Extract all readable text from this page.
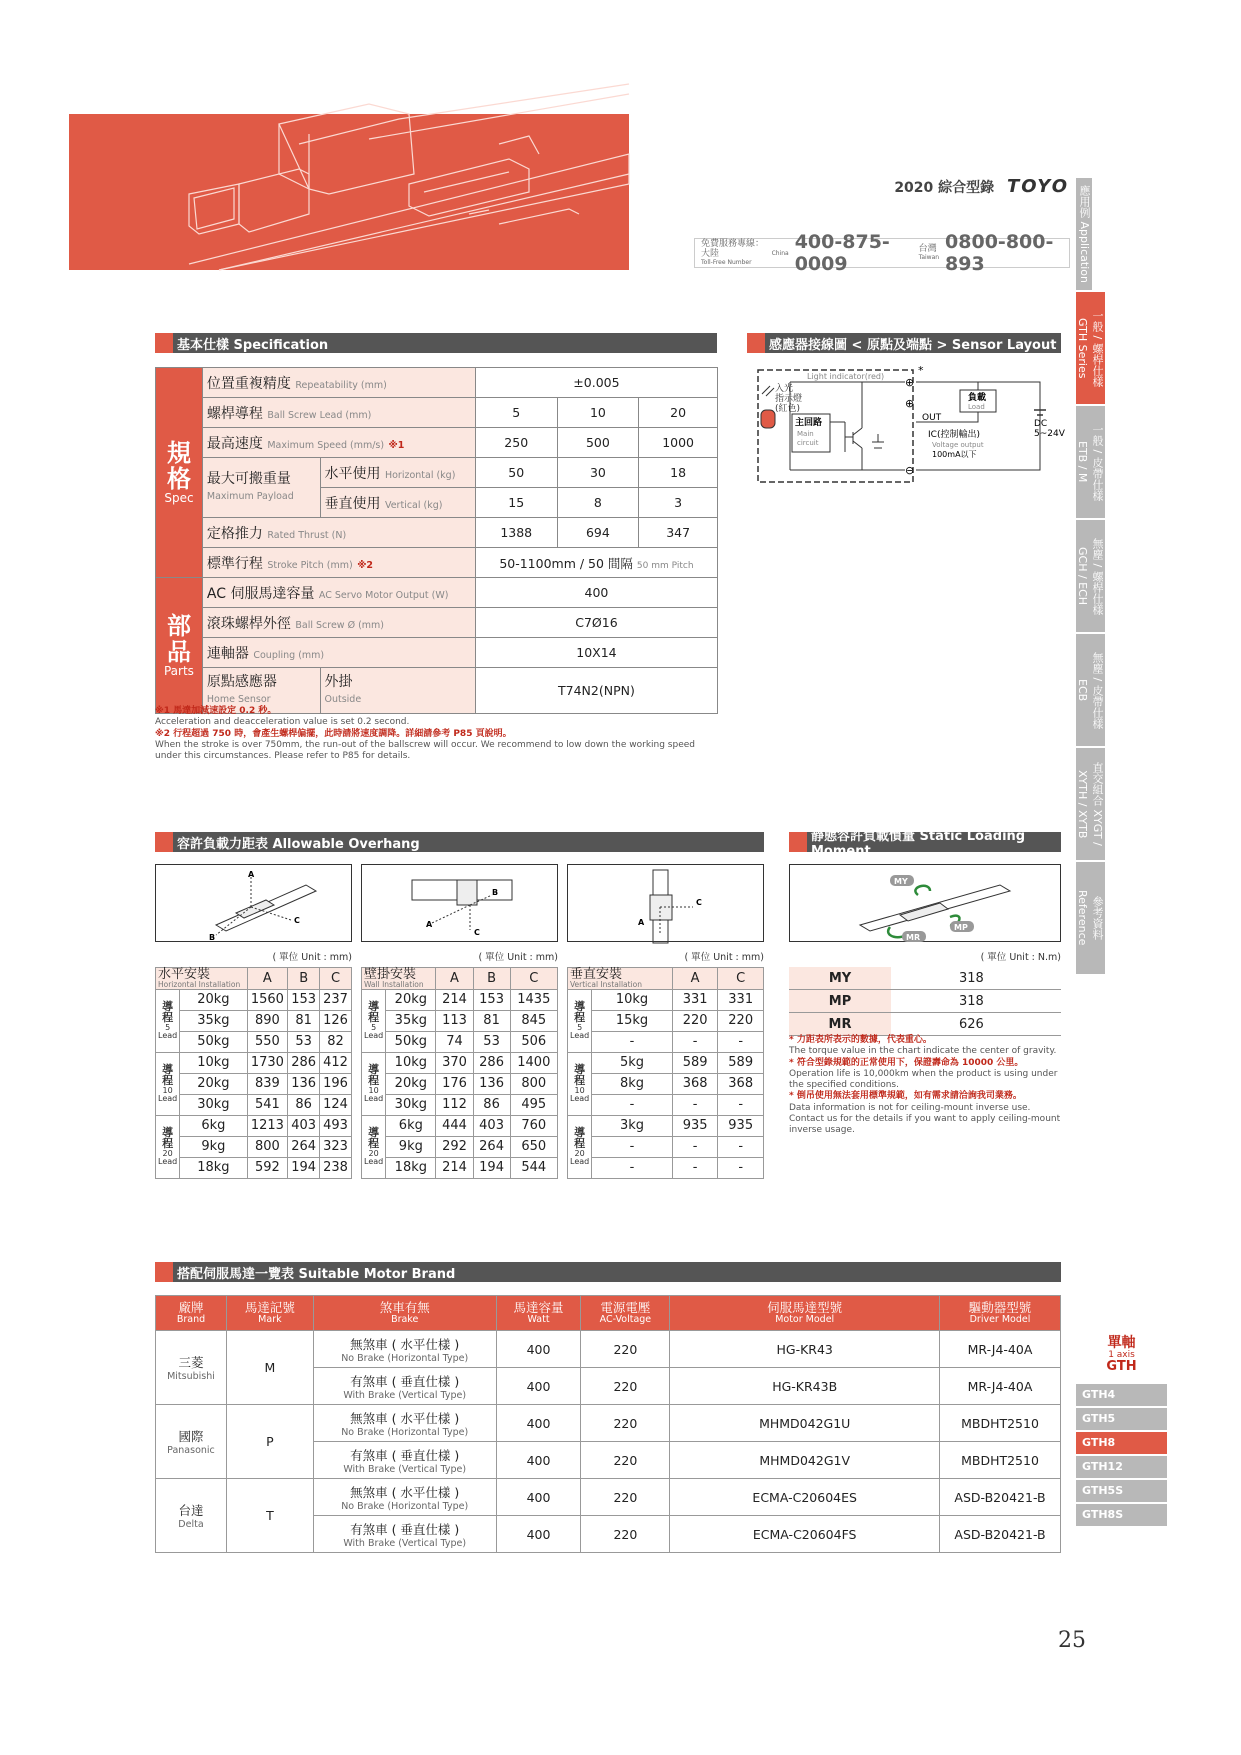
2020 綜合型錄 TOYO
免費服務專線：大陸
Toll-Free Number
China 400-875-0009
台灣
Taiwan
0800-800-893	應用例 Application
一般 / 螺桿仕樣 GTH Series
一般 / 皮帶仕樣 ETB / M
無塵 / 螺桿仕樣 GCH / ECH
無塵 / 皮帶仕樣 ECB
直交組合 XYGT / XYTH / XYTB
參考資料 Reference
基本仕樣 Specification
規格
Spec	位置重複精度 Repeatability (mm)		±0.005		
	螺桿導程 Ball Screw Lead (mm)		5	10	20
	最高速度 Maximum Speed (mm/s) ※1		250	500	1000
	最大可搬重量
Maximum Payload	水平使用 Horizontal (kg)	50	30	18
		垂直使用 Vertical (kg)	15	8	3
	定格推力 Rated Thrust (N)		1388	694	347
	標準行程 Stroke Pitch (mm) ※2		50-1100mm / 50 間隔 50 mm Pitch		

部品
Parts	AC 伺服馬達容量 AC Servo Motor Output (W)		400		
	滾珠螺桿外徑 Ball Screw Ø (mm)		C7Ø16		
	連軸器 Coupling (mm)		10X14		
	原點感應器
Home Sensor	外掛
Outside	T74N2(NPN)		
※1 馬達加減速設定 0.2 秒。
Acceleration and deacceleration value is set 0.2 second.
※2 行程超過 750 時，會產生螺桿偏擺，此時請將速度調降。詳細請參考 P85 頁說明。
When the stroke is over 750mm, the run-out of the ballscrew will occur. We recommend to low down the working speed under this circumstances. Please refer to P85 for details.
感應器接線圖 < 原點及端點 > Sensor Layout
Light indicator(red)
入光
指示燈
(紅色)
主回路
Main
circuit
⊕
*
⊕
⊖
負載
Load
OUT
IC(控制輸出)
Voltage output
100mA以下
DC
5~24V
容許負載力距表 Allowable Overhang
A
C
B
A
B
C
A
C
( 單位 Unit : mm)	( 單位 Unit : mm)	( 單位 Unit : mm)
水平安裝
Horizontal Installation		A	B	C

導程
5
Lead	20kg	1560	153	237
	35kg	890	81	126
	50kg	550	53	82

導程
10
Lead	10kg	1730	286	412
	20kg	839	136	196
	30kg	541	86	124

導程
20
Lead	6kg	1213	403	493
	9kg	800	264	323
	18kg	592	194	238
壁掛安裝
Wall Installation		A	B	C

導程
5
Lead	20kg	214	153	1435
	35kg	113	81	845
	50kg	74	53	506

導程
10
Lead	10kg	370	286	1400
	20kg	176	136	800
	30kg	112	86	495

導程
20
Lead	6kg	444	403	760
	9kg	292	264	650
	18kg	214	194	544
垂直安裝
Vertical Installation		A	C

導程
5
Lead	10kg	331	331
	15kg	220	220
	-	-	-

導程
10
Lead	5kg	589	589
	8kg	368	368
	-	-	-

導程
20
Lead	3kg	935	935
	-	-	-
	-	-	-
靜態容許負載慣量 Static Loading Moment
MY
MP
MR
( 單位 Unit : N.m)
MY	318
MP	318
MR	626
* 力距表所表示的數據，代表重心。
The torque value in the chart indicate the center of gravity.
* 符合型錄規範的正常使用下，保證壽命為 10000 公里。
Operation life is 10,000km when the product is using under the specified conditions.
* 倒吊使用無法套用標準規範，如有需求請洽詢我司業務。
Data information is not for ceiling-mount inverse use.
Contact us for the details if you want to apply ceiling-mount inverse usage.
搭配伺服馬達一覽表 Suitable Motor Brand
廠牌
Brand	馬達記號
Mark	煞車有無
Brake	馬達容量
Watt	電源電壓
AC-Voltage	伺服馬達型號
Motor Model	驅動器型號
Driver Model

三菱
Mitsubishi	M	無煞車 ( 水平仕樣 )
No Brake (Horizontal Type)	400	220	HG-KR43	MR-J4-40A
		有煞車 ( 垂直仕樣 )
With Brake (Vertical Type)	400	220	HG-KR43B	MR-J4-40A
國際
Panasonic	P	無煞車 ( 水平仕樣 )
No Brake (Horizontal Type)	400	220	MHMD042G1U	MBDHT2510
		有煞車 ( 垂直仕樣 )
With Brake (Vertical Type)	400	220	MHMD042G1V	MBDHT2510
台達
Delta	T	無煞車 ( 水平仕樣 )
No Brake (Horizontal Type)	400	220	ECMA-C20604ES	ASD-B20421-B
		有煞車 ( 垂直仕樣 )
With Brake (Vertical Type)	400	220	ECMA-C20604FS	ASD-B20421-B
單軸
1 axis
GTH
GTH4
GTH5
GTH8
GTH12
GTH5S
GTH8S
25
